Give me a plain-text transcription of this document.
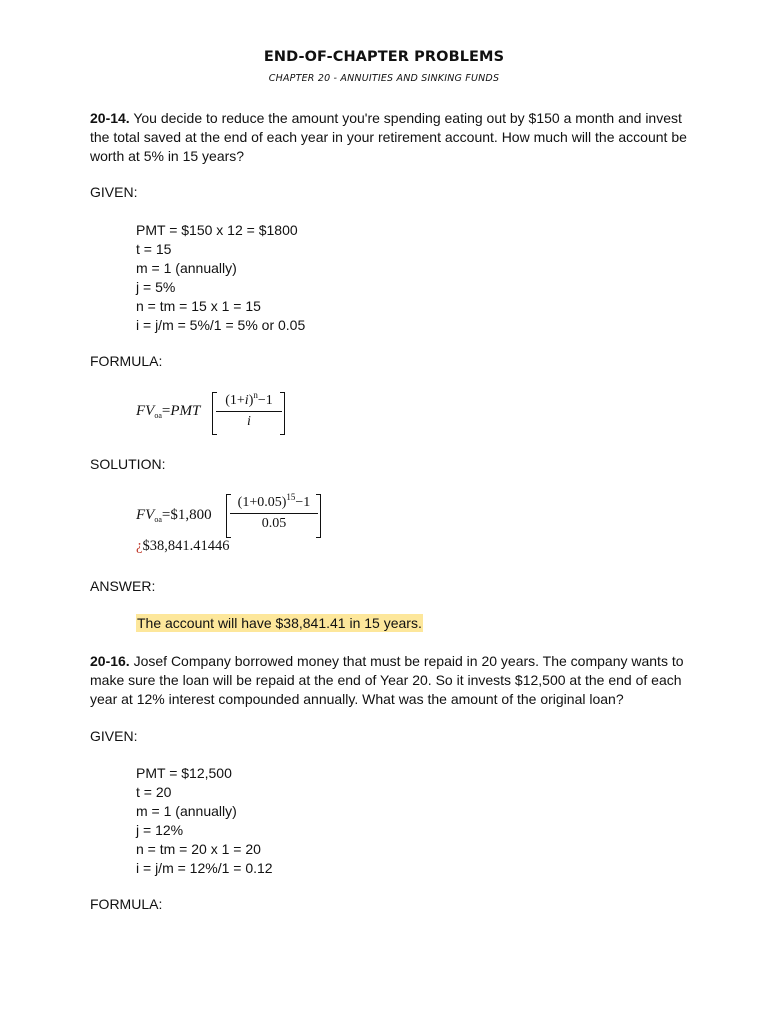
END-OF-CHAPTER PROBLEMS
CHAPTER 20 - ANNUITIES AND SINKING FUNDS
20-14. You decide to reduce the amount you're spending eating out by $150 a month and invest the total saved at the end of each year in your retirement account. How much will the account be worth at 5% in 15 years?
GIVEN:
PMT = $150 x 12 = $1800
t = 15
m = 1 (annually)
j = 5%
n = tm = 15 x 1 = 15
i = j/m = 5%/1 = 5% or 0.05
FORMULA:
$FV_{oa}=PMT \frac{(1+i)^n-1}{i}$
SOLUTION:
$FV_{oa}=\$1,800 \frac{(1+0.05)^{15}-1}{0.05}$
¿$38,841.41446
ANSWER:
The account will have $38,841.41 in 15 years.
20-16. Josef Company borrowed money that must be repaid in 20 years. The company wants to make sure the loan will be repaid at the end of Year 20. So it invests $12,500 at the end of each year at 12% interest compounded annually. What was the amount of the original loan?
GIVEN:
PMT = $12,500
t = 20
m = 1 (annually)
j = 12%
n = tm = 20 x 1 = 20
i = j/m = 12%/1 = 0.12
FORMULA:
